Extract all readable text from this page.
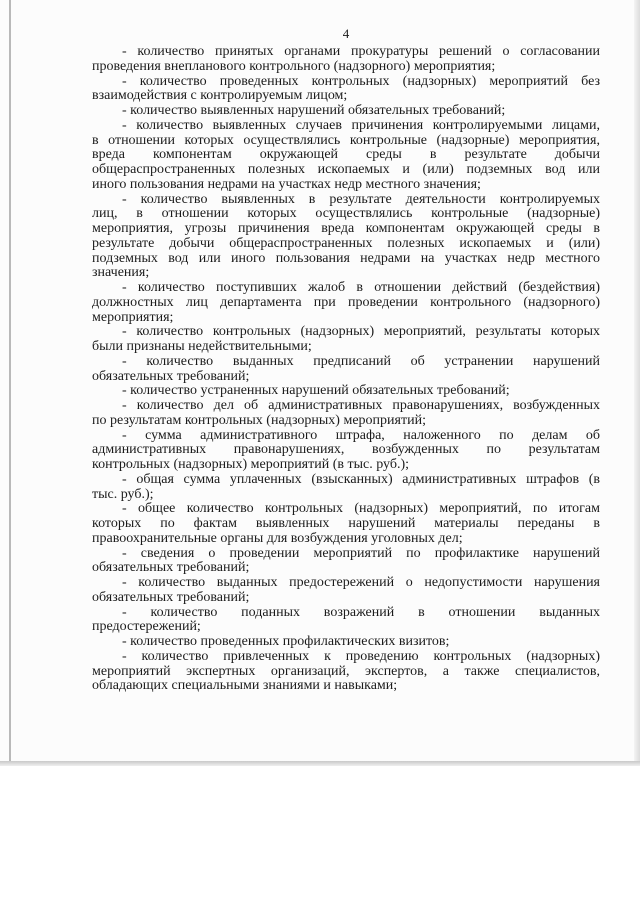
4
- количество принятых органами прокуратуры решений о согласовании
проведения внепланового контрольного (надзорного) мероприятия;
- количество проведенных контрольных (надзорных) мероприятий без
взаимодействия с контролируемым лицом;
- количество выявленных нарушений обязательных требований;
- количество выявленных случаев причинения контролируемыми лицами,
в отношении которых осуществлялись контрольные (надзорные) мероприятия,
вреда компонентам окружающей среды в результате добычи
общераспространенных полезных ископаемых и (или) подземных вод или
иного пользования недрами на участках недр местного значения;
- количество выявленных в результате деятельности контролируемых
лиц, в отношении которых осуществлялись контрольные (надзорные)
мероприятия, угрозы причинения вреда компонентам окружающей среды в
результате добычи общераспространенных полезных ископаемых и (или)
подземных вод или иного пользования недрами на участках недр местного
значения;
- количество поступивших жалоб в отношении действий (бездействия)
должностных лиц департамента при проведении контрольного (надзорного)
мероприятия;
- количество контрольных (надзорных) мероприятий, результаты которых
были признаны недействительными;
- количество выданных предписаний об устранении нарушений
обязательных требований;
- количество устраненных нарушений обязательных требований;
- количество дел об административных правонарушениях, возбужденных
по результатам контрольных (надзорных) мероприятий;
- сумма административного штрафа, наложенного по делам об
административных правонарушениях, возбужденных по результатам
контрольных (надзорных) мероприятий (в тыс. руб.);
- общая сумма уплаченных (взысканных) административных штрафов (в
тыс. руб.);
- общее количество контрольных (надзорных) мероприятий, по итогам
которых по фактам выявленных нарушений материалы переданы в
правоохранительные органы для возбуждения уголовных дел;
- сведения о проведении мероприятий по профилактике нарушений
обязательных требований;
- количество выданных предостережений о недопустимости нарушения
обязательных требований;
- количество поданных возражений в отношении выданных
предостережений;
- количество проведенных профилактических визитов;
- количество привлеченных к проведению контрольных (надзорных)
мероприятий экспертных организаций, экспертов, а также специалистов,
обладающих специальными знаниями и навыками;
